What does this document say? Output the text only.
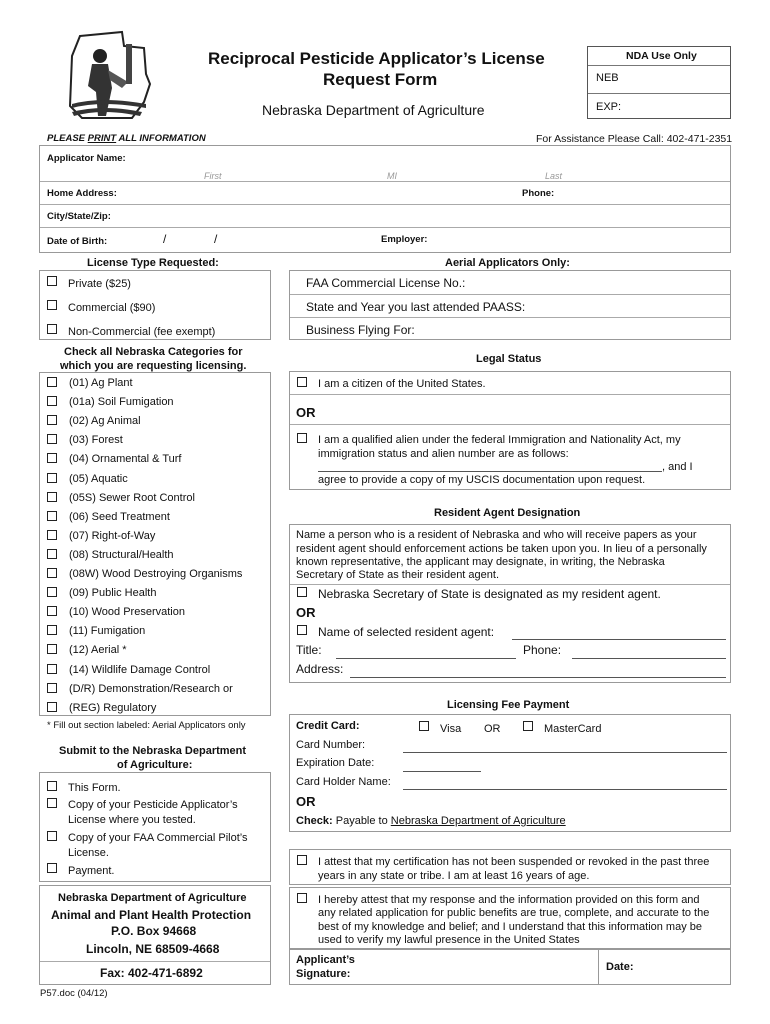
Reciprocal Pesticide Applicator’s License
Request Form
Nebraska Department of Agriculture
NDA Use Only
NEB
EXP:
PLEASE PRINT ALL INFORMATION	For Assistance Please Call: 402-471-2351
Applicator Name:
First	MI	Last
Home Address:	Phone:
City/State/Zip:
Date of Birth:	/	/	Employer:
License Type Requested:
Private ($25)
Commercial ($90)
Non-Commercial (fee exempt)
Aerial Applicators Only:
FAA Commercial License No.:
State and Year you last attended PAASS:
Business Flying For:
Check all Nebraska Categories for
which you are requesting licensing.
(01) Ag Plant
(01a) Soil Fumigation
(02) Ag Animal
(03) Forest
(04) Ornamental & Turf
(05) Aquatic
(05S) Sewer Root Control
(06) Seed Treatment
(07) Right-of-Way
(08) Structural/Health
(08W) Wood Destroying Organisms
(09) Public Health
(10) Wood Preservation
(11) Fumigation
(12) Aerial *
(14) Wildlife Damage Control
(D/R) Demonstration/Research or
(REG) Regulatory
* Fill out section labeled: Aerial Applicators only
Legal Status
I am a citizen of the United States.
OR
I am a qualified alien under the federal Immigration and Nationality Act, my
immigration status and alien number are as follows:
, and I
agree to provide a copy of my USCIS documentation upon request.
Resident Agent Designation
Name a person who is a resident of Nebraska and who will receive papers as your
resident agent should enforcement actions be taken upon you. In lieu of a personally
known representative, the applicant may designate, in writing, the Nebraska
Secretary of State as their resident agent.
Nebraska Secretary of State is designated as my resident agent.
OR
Name of selected resident agent:
Title:	Phone:
Address:
Licensing Fee Payment
Credit Card:	Visa OR	MasterCard
Card Number:
Expiration Date:
Card Holder Name:
OR
Check: Payable to Nebraska Department of Agriculture
Submit to the Nebraska Department
of Agriculture:
This Form.
Copy of your Pesticide Applicator’s
License where you tested.
Copy of your FAA Commercial Pilot’s
License.
Payment.
Nebraska Department of Agriculture
Animal and Plant Health Protection
P.O. Box 94668
Lincoln, NE 68509-4668
Fax: 402-471-6892
P57.doc (04/12)
I attest that my certification has not been suspended or revoked in the past three
years in any state or tribe. I am at least 16 years of age.
I hereby attest that my response and the information provided on this form and
any related application for public benefits are true, complete, and accurate to the
best of my knowledge and belief; and I understand that this information may be
used to verify my lawful presence in the United States
Applicant’s
Signature:
Date:
